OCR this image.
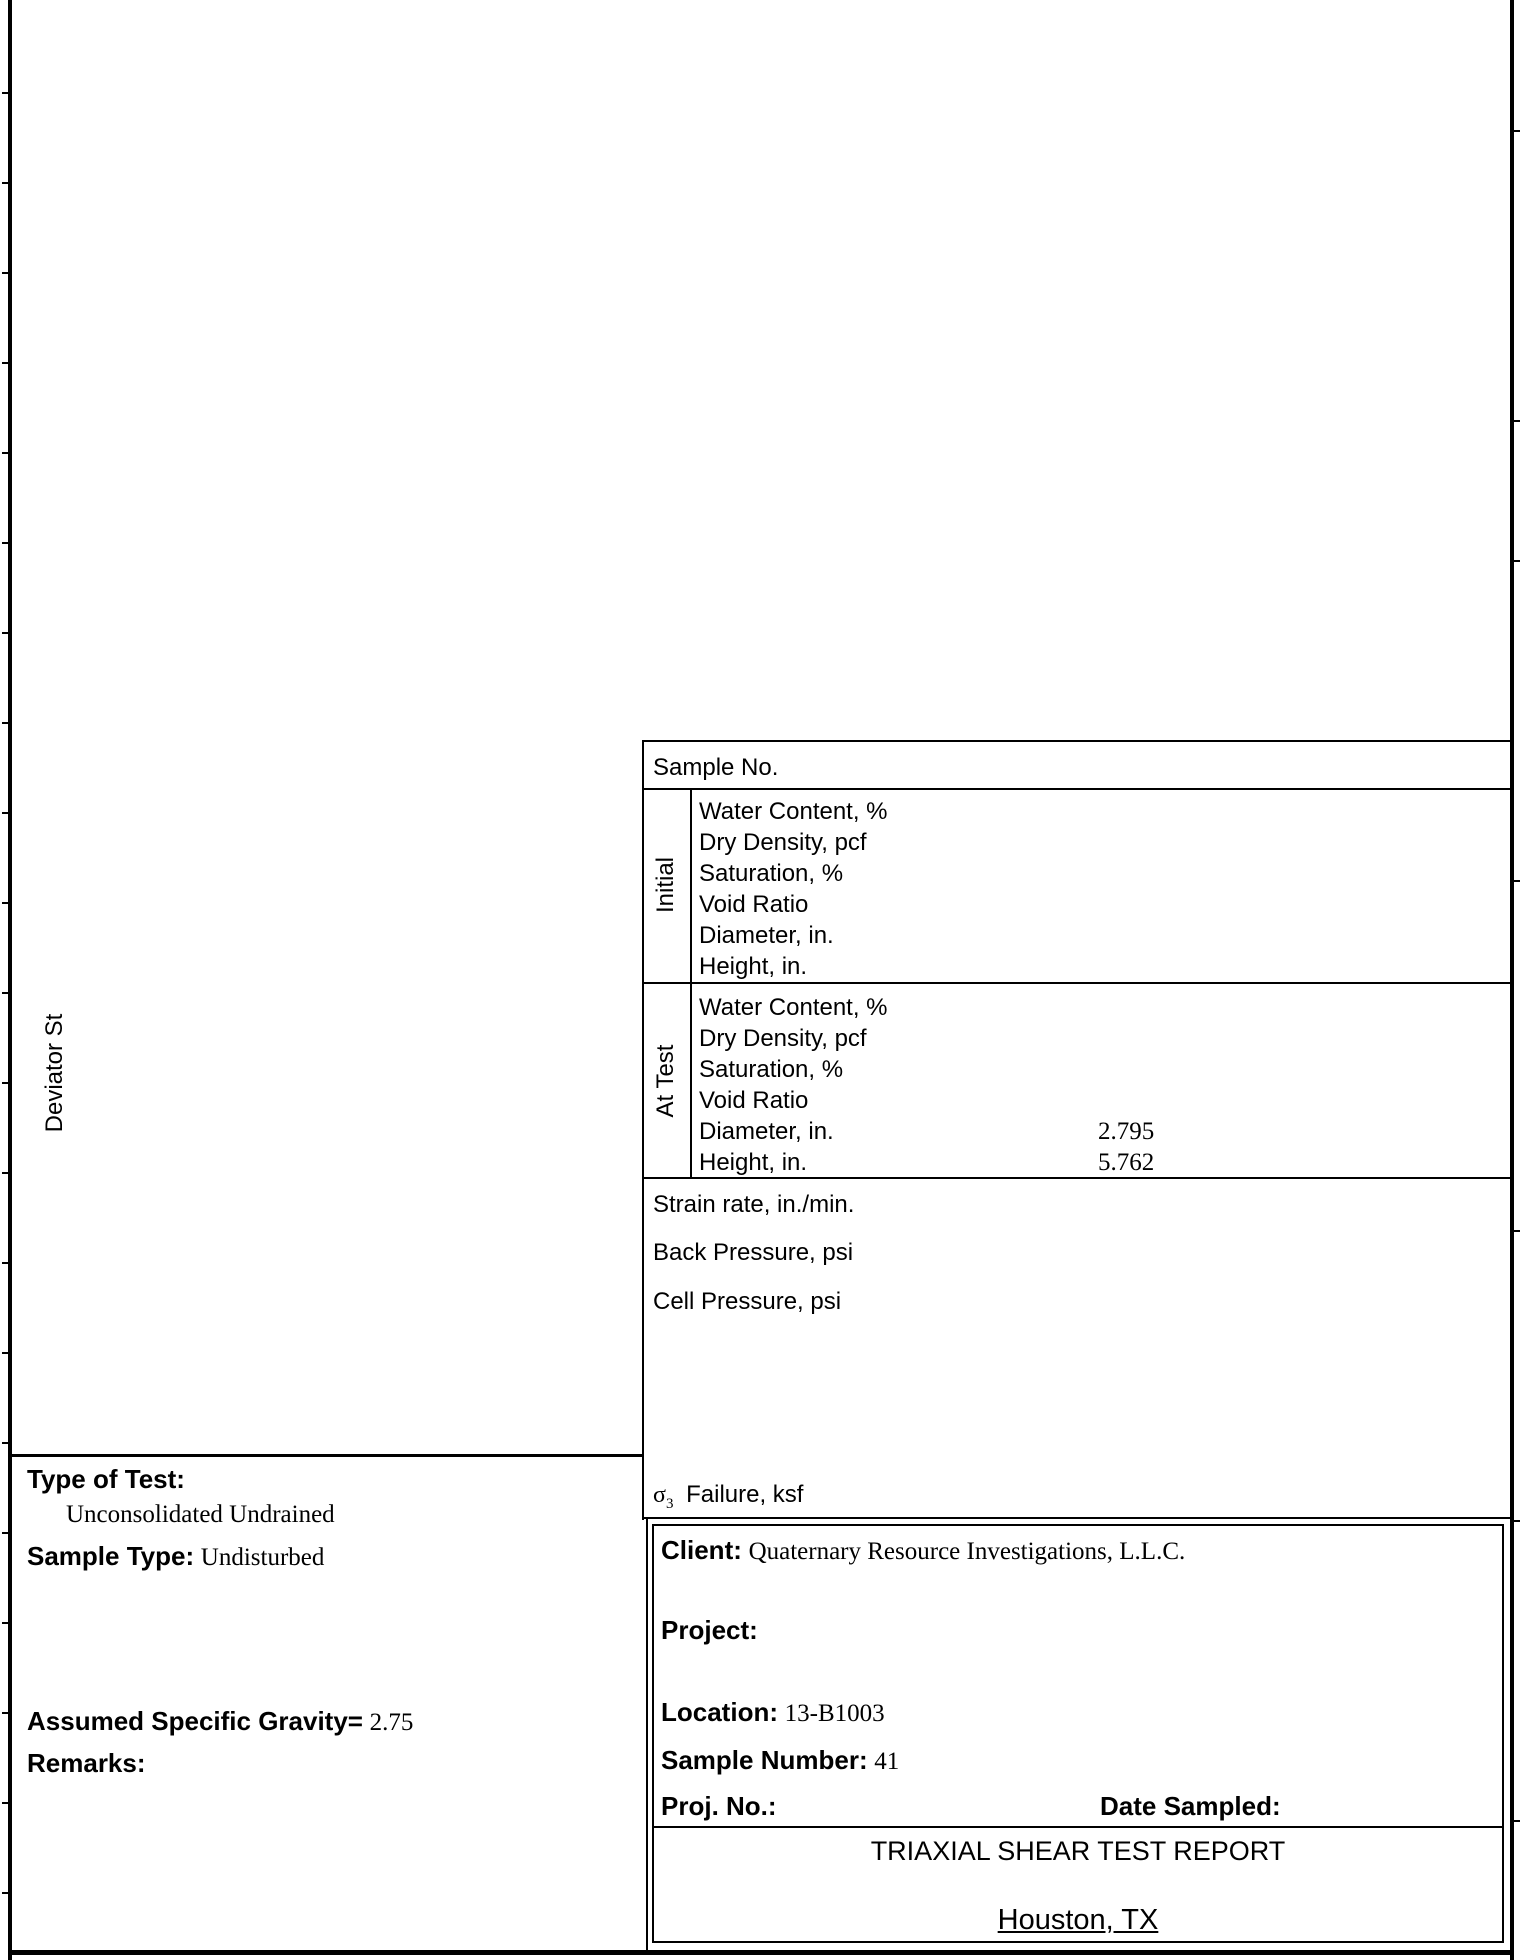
Deviator St
Sample No.
Initial
Water Content, %
Dry Density, pcf
Saturation, %
Void Ratio
Diameter, in.
Height, in.
At Test
Water Content, %
Dry Density, pcf
Saturation, %
Void Ratio
Diameter, in.
Height, in.
2.795
5.762
Strain rate, in./min.
Back Pressure, psi
Cell Pressure, psi
$\sigma_3$ Failure, ksf
Type of Test:
Unconsolidated Undrained
Sample Type: Undisturbed
Assumed Specific Gravity= 2.75
Remarks:
Client: Quaternary Resource Investigations, L.L.C.
Project:
Location: 13-B1003
Sample Number: 41
Proj. No.:	Date Sampled:
TRIAXIAL SHEAR TEST REPORT
Houston, TX
